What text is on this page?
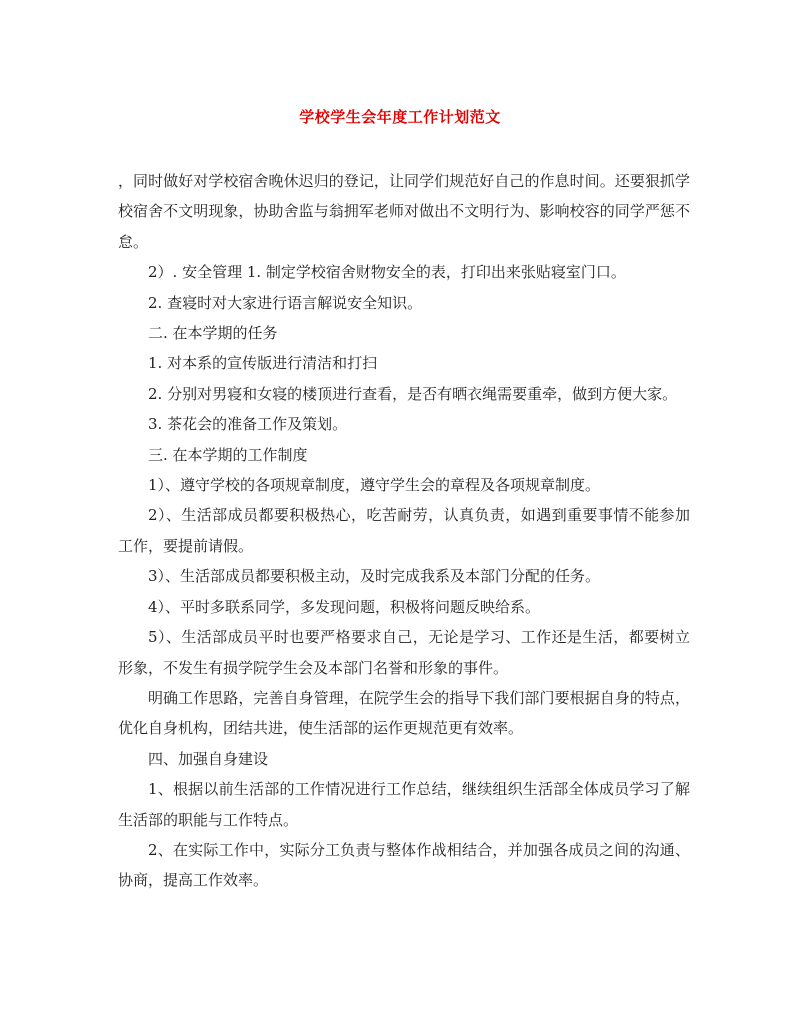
学校学生会年度工作计划范文

，同时做好对学校宿舍晚休迟归的登记，让同学们规范好自己的作息时间。还要狠抓学校宿舍不文明现象，协助舍监与翁拥军老师对做出不文明行为、影响校容的同学严惩不怠。

2）. 安全管理 1. 制定学校宿舍财物安全的表，打印出来张贴寝室门口。

2. 查寝时对大家进行语言解说安全知识。

二. 在本学期的任务

1. 对本系的宣传版进行清洁和打扫

2. 分别对男寝和女寝的楼顶进行查看，是否有晒衣绳需要重牵，做到方便大家。

3. 茶花会的准备工作及策划。

三. 在本学期的工作制度

1）、遵守学校的各项规章制度，遵守学生会的章程及各项规章制度。

2）、生活部成员都要积极热心，吃苦耐劳，认真负责，如遇到重要事情不能参加工作，要提前请假。

3）、生活部成员都要积极主动，及时完成我系及本部门分配的任务。

4）、平时多联系同学，多发现问题，积极将问题反映给系。

5）、生活部成员平时也要严格要求自己，无论是学习、工作还是生活，都要树立形象，不发生有损学院学生会及本部门名誉和形象的事件。

明确工作思路，完善自身管理，在院学生会的指导下我们部门要根据自身的特点，优化自身机构，团结共进，使生活部的运作更规范更有效率。

四、加强自身建设

1、根据以前生活部的工作情况进行工作总结，继续组织生活部全体成员学习了解生活部的职能与工作特点。

2、在实际工作中，实际分工负责与整体作战相结合，并加强各成员之间的沟通、协商，提高工作效率。
